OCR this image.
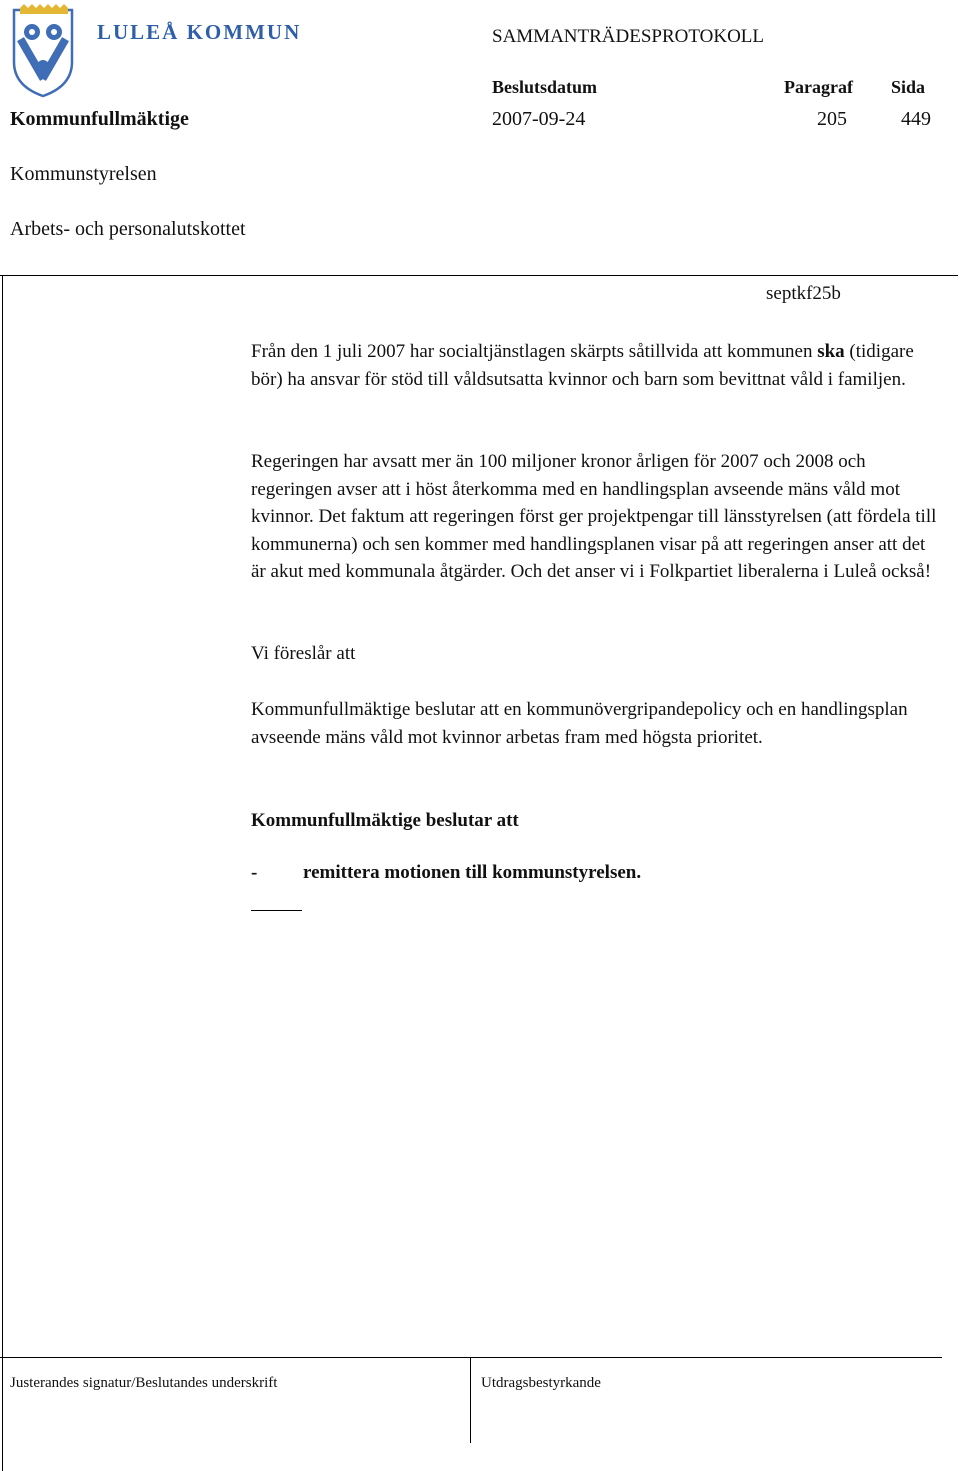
LULEÅ KOMMUN	SAMMANTRÄDESPROTOKOLL
Beslutsdatum	Paragraf Sida
Kommunfullmäktige	2007-09-24	205	449
Kommunstyrelsen
Arbets- och personalutskottet
septkf25b
Från den 1 juli 2007 har socialtjänstlagen skärpts såtillvida att kommunen ska (tidigare bör) ha ansvar för stöd till våldsutsatta kvinnor och barn som bevittnat våld i familjen.
Regeringen har avsatt mer än 100 miljoner kronor årligen för 2007 och 2008 och regeringen avser att i höst återkomma med en handlingsplan avseende mäns våld mot kvinnor. Det faktum att regeringen först ger projektpengar till länsstyrelsen (att fördela till kommunerna) och sen kommer med handlingsplanen visar på att regeringen anser att det är akut med kommunala åtgärder. Och det anser vi i Folkpartiet liberalerna i Luleå också!
Vi föreslår att
Kommunfullmäktige beslutar att en kommunövergripandepolicy och en handlingsplan avseende mäns våld mot kvinnor arbetas fram med högsta prioritet.
Kommunfullmäktige beslutar att
- remittera motionen till kommunstyrelsen.
Justerandes signatur/Beslutandes underskrift	Utdragsbestyrkande
